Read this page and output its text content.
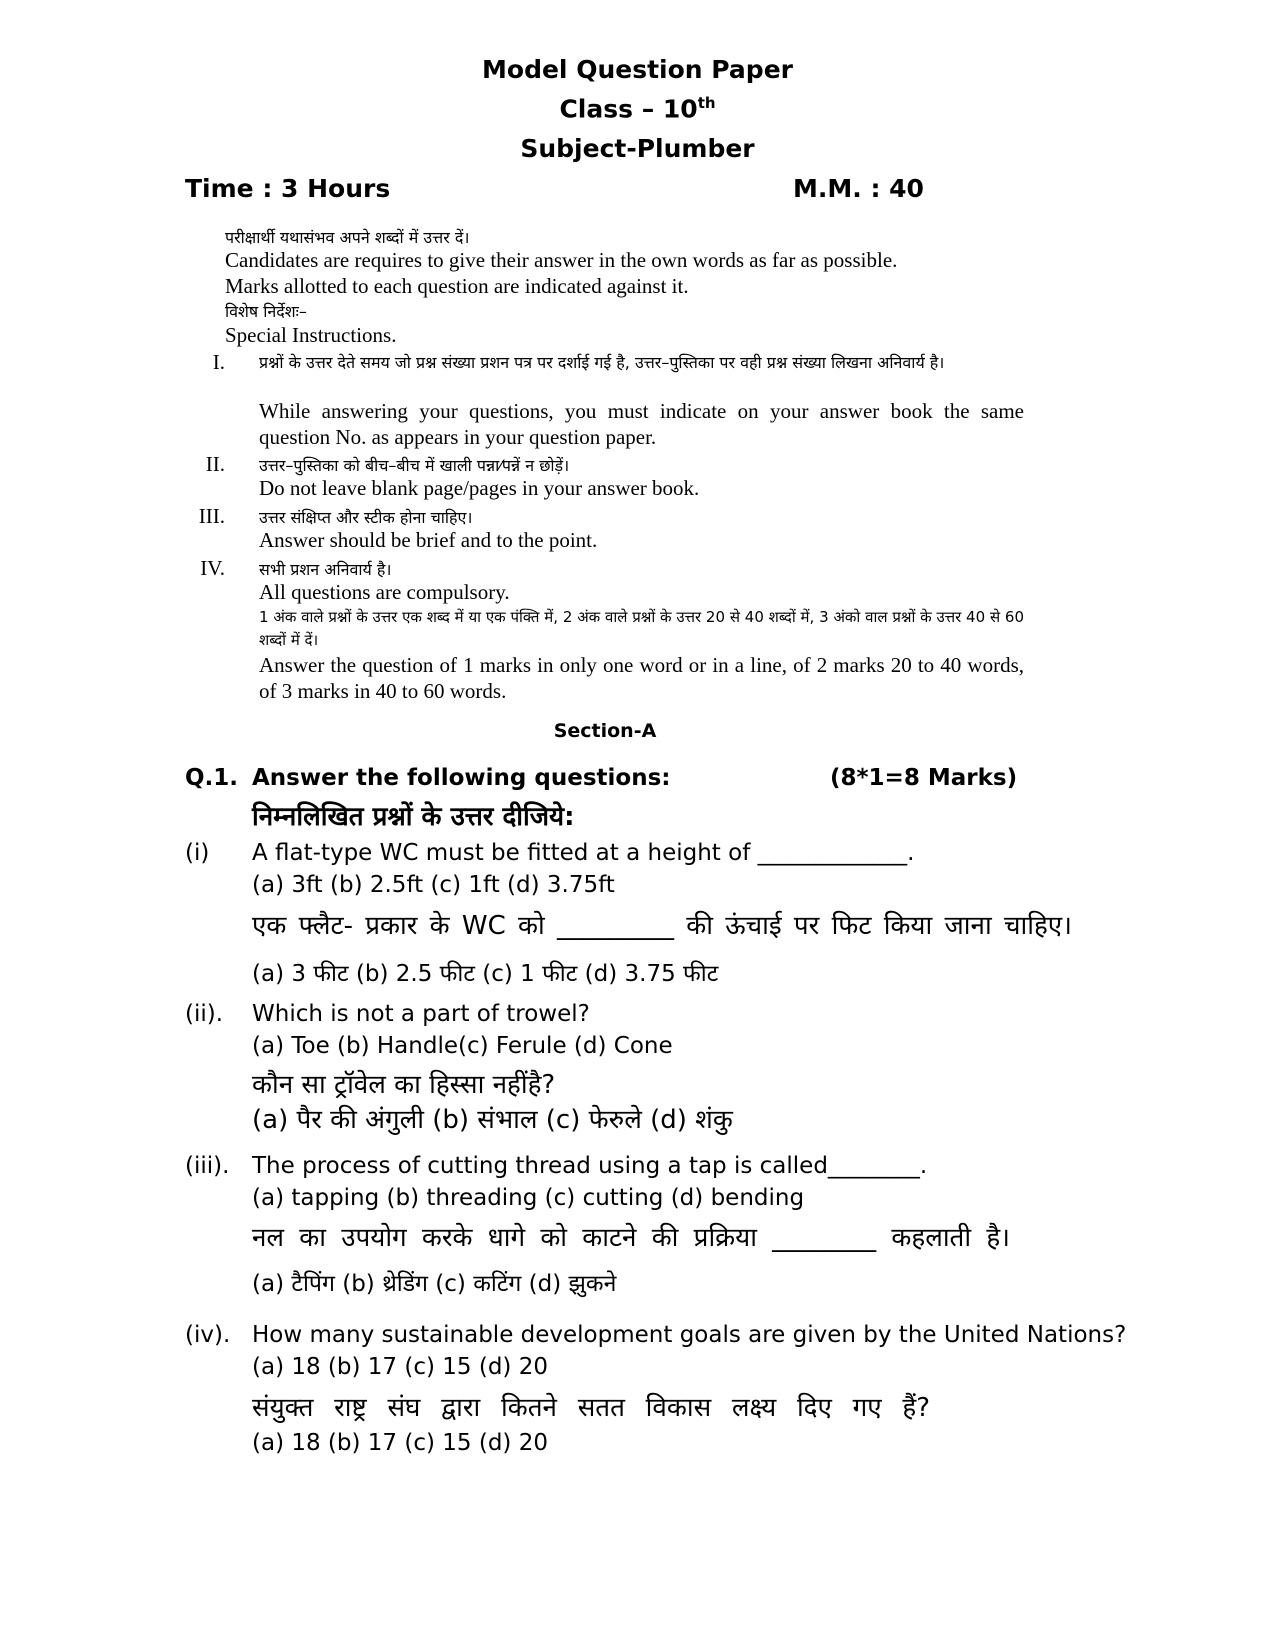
Model Question Paper
Class – 10th
Subject-Plumber
Time : 3 Hours	M.M. : 40
परीक्षार्थी यथासंभव अपने शब्दों में उत्तर दें।
Candidates are requires to give their answer in the own words as far as possible.
Marks allotted to each question are indicated against it.
विशेष निर्देशः–
Special Instructions.
I. प्रश्नों के उत्तर देते समय जो प्रश्न संख्या प्रशन पत्र पर दर्शाई गई है, उत्तर–पुस्तिका पर वही प्रश्न संख्या लिखना अनिवार्य है।
While answering your questions, you must indicate on your answer book the same question No. as appears in your question paper.
II. उत्तर–पुस्तिका को बीच–बीच में खाली पन्ना⁄पन्नें न छोड़ें।
Do not leave blank page/pages in your answer book.
III. उत्तर संक्षिप्त और स्टीक होना चाहिए।
Answer should be brief and to the point.
IV. सभी प्रशन अनिवार्य है।
All questions are compulsory.
1 अंक वाले प्रश्नों के उत्तर एक शब्द में या एक पंक्ति में, 2 अंक वाले प्रश्नों के उत्तर 20 से 40 शब्दों में, 3 अंको वाल प्रश्नों के उत्तर 40 से 60 शब्दों में दें।
Answer the question of 1 marks in only one word or in a line, of 2 marks 20 to 40 words, of 3 marks in 40 to 60 words.
Section-A
Q.1. Answer the following questions:	(8*1=8 Marks)
निम्नलिखित प्रश्नों के उत्तर दीजिये:
(i) A flat-type WC must be fitted at a height of _____________.
(a) 3ft (b) 2.5ft (c) 1ft (d) 3.75ft
एक फ्लैट- प्रकार के WC को _________ की ऊंचाई पर फिट किया जाना चाहिए।
(a) 3 फीट (b) 2.5 फीट (c) 1 फीट (d) 3.75 फीट
(ii). Which is not a part of trowel?
(a) Toe (b) Handle(c) Ferule (d) Cone
कौन सा ट्रॉवेल का हिस्सा नहींहै?
(a) पैर की अंगुली (b) संभाल (c) फेरुले (d) शंकु
(iii). The process of cutting thread using a tap is called________.
(a) tapping (b) threading (c) cutting (d) bending
नल का उपयोग करके धागे को काटने की प्रक्रिया ________ कहलाती है।
(a) टैपिंग (b) थ्रेडिंग (c) कटिंग (d) झुकने
(iv). How many sustainable development goals are given by the United Nations?
(a) 18 (b) 17 (c) 15 (d) 20
संयुक्त राष्ट्र संघ द्वारा कितने सतत विकास लक्ष्य दिए गए हैं?
(a) 18 (b) 17 (c) 15 (d) 20
